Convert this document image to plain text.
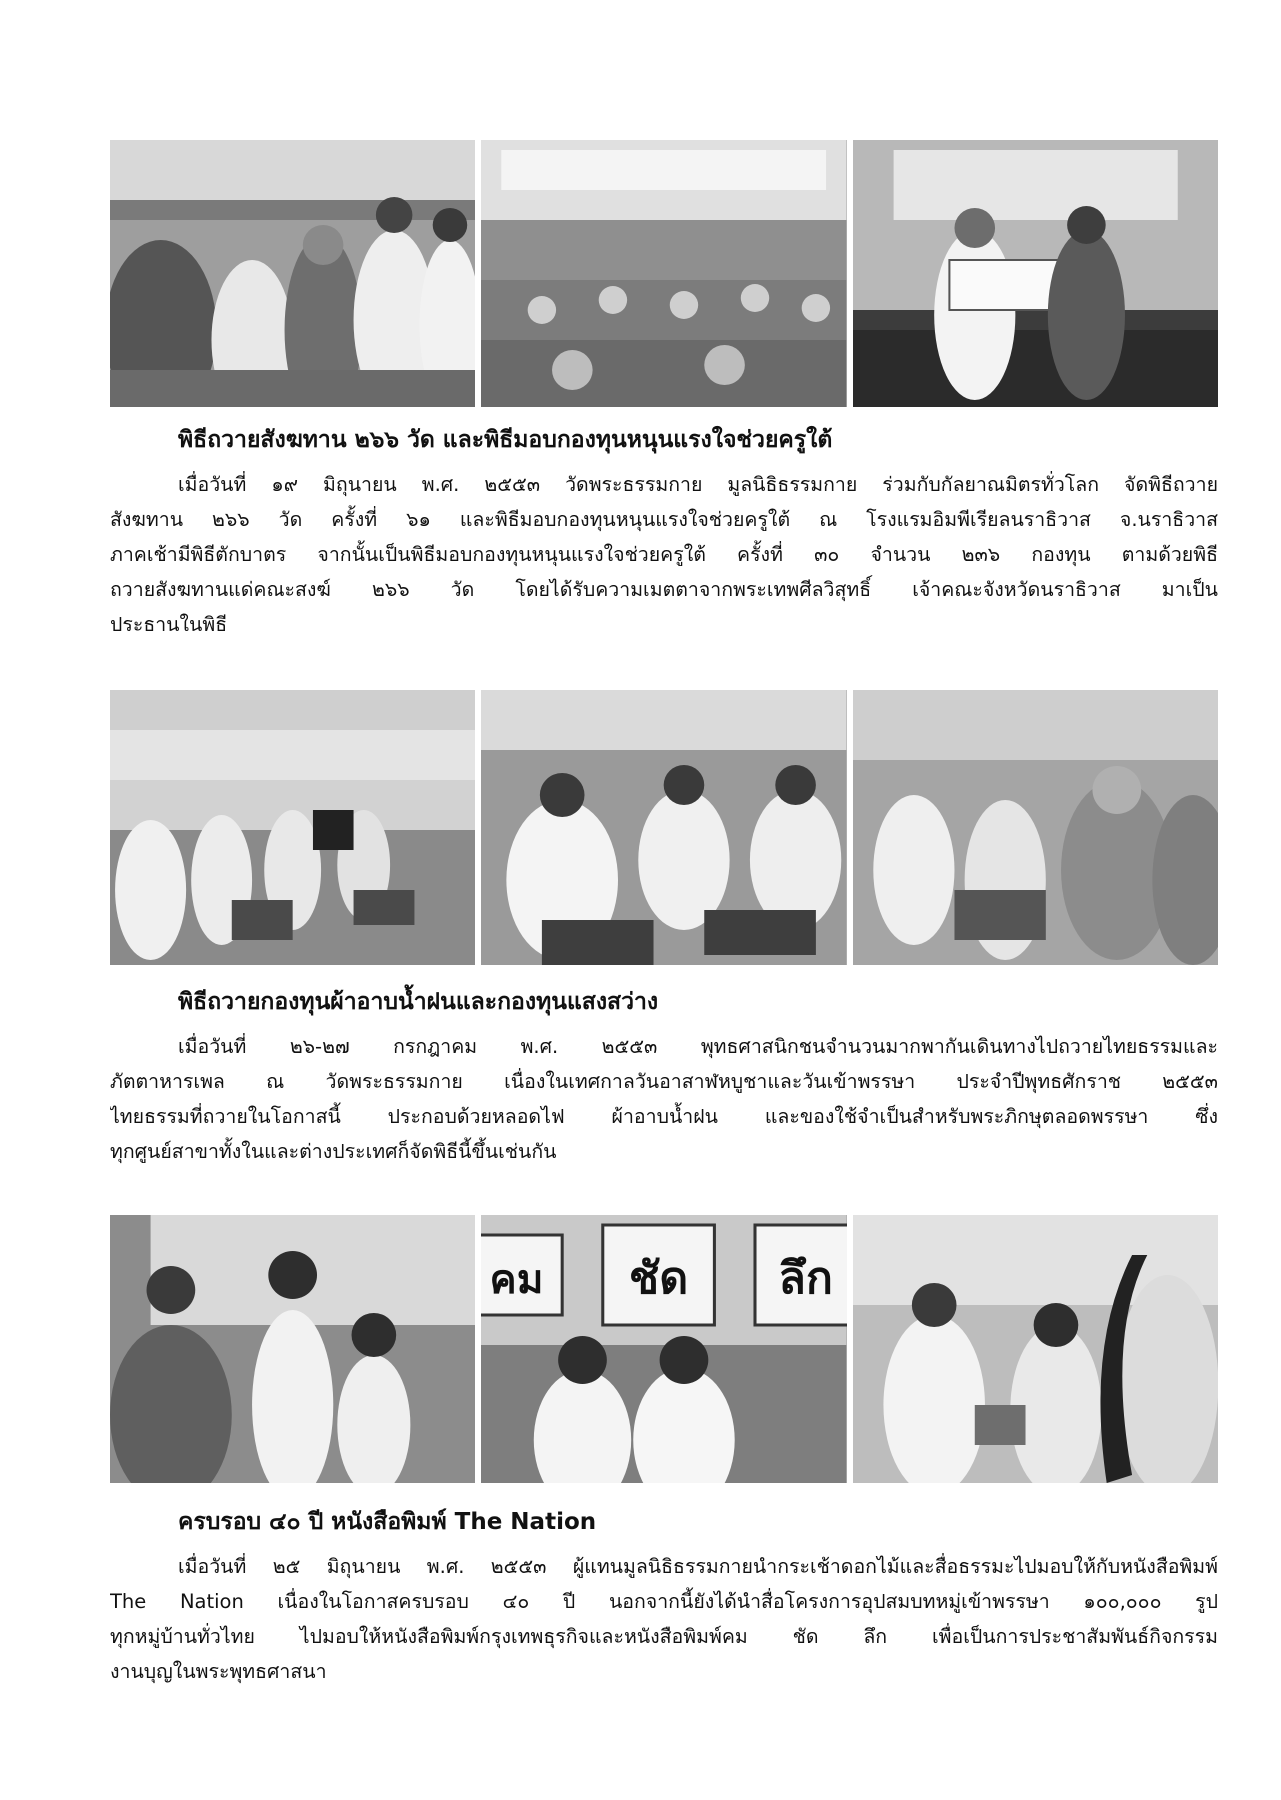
พิธีถวายสังฆทาน ๒๖๖ วัด และพิธีมอบกองทุนหนุนแรงใจช่วยครูใต้
เมื่อวันที่ ๑๙ มิถุนายน พ.ศ. ๒๕๕๓ วัดพระธรรมกาย มูลนิธิธรรมกาย ร่วมกับกัลยาณมิตรทั่วโลก จัดพิธีถวาย
สังฆทาน ๒๖๖ วัด ครั้งที่ ๖๑ และพิธีมอบกองทุนหนุนแรงใจช่วยครูใต้ ณ โรงแรมอิมพีเรียลนราธิวาส จ.นราธิวาส
ภาคเช้ามีพิธีตักบาตร จากนั้นเป็นพิธีมอบกองทุนหนุนแรงใจช่วยครูใต้ ครั้งที่ ๓๐ จำนวน ๒๓๖ กองทุน ตามด้วยพิธี
ถวายสังฆทานแด่คณะสงฆ์ ๒๖๖ วัด โดยได้รับความเมตตาจากพระเทพศีลวิสุทธิ์ เจ้าคณะจังหวัดนราธิวาส มาเป็น
ประธานในพิธี
พิธีถวายกองทุนผ้าอาบน้ำฝนและกองทุนแสงสว่าง
เมื่อวันที่ ๒๖-๒๗ กรกฎาคม พ.ศ. ๒๕๕๓ พุทธศาสนิกชนจำนวนมากพากันเดินทางไปถวายไทยธรรมและ
ภัตตาหารเพล ณ วัดพระธรรมกาย เนื่องในเทศกาลวันอาสาฬหบูชาและวันเข้าพรรษา ประจำปีพุทธศักราช ๒๕๕๓
ไทยธรรมที่ถวายในโอกาสนี้ ประกอบด้วยหลอดไฟ ผ้าอาบน้ำฝน และของใช้จำเป็นสำหรับพระภิกษุตลอดพรรษา ซึ่ง
ทุกศูนย์สาขาทั้งในและต่างประเทศก็จัดพิธีนี้ขึ้นเช่นกัน
คม ชัด ลึก
ครบรอบ ๔๐ ปี หนังสือพิมพ์ The Nation
เมื่อวันที่ ๒๕ มิถุนายน พ.ศ. ๒๕๕๓ ผู้แทนมูลนิธิธรรมกายนำกระเช้าดอกไม้และสื่อธรรมะไปมอบให้กับหนังสือพิมพ์
The Nation เนื่องในโอกาสครบรอบ ๔๐ ปี นอกจากนี้ยังได้นำสื่อโครงการอุปสมบทหมู่เข้าพรรษา ๑๐๐,๐๐๐ รูป
ทุกหมู่บ้านทั่วไทย ไปมอบให้หนังสือพิมพ์กรุงเทพธุรกิจและหนังสือพิมพ์คม ชัด ลึก เพื่อเป็นการประชาสัมพันธ์กิจกรรม
งานบุญในพระพุทธศาสนา
